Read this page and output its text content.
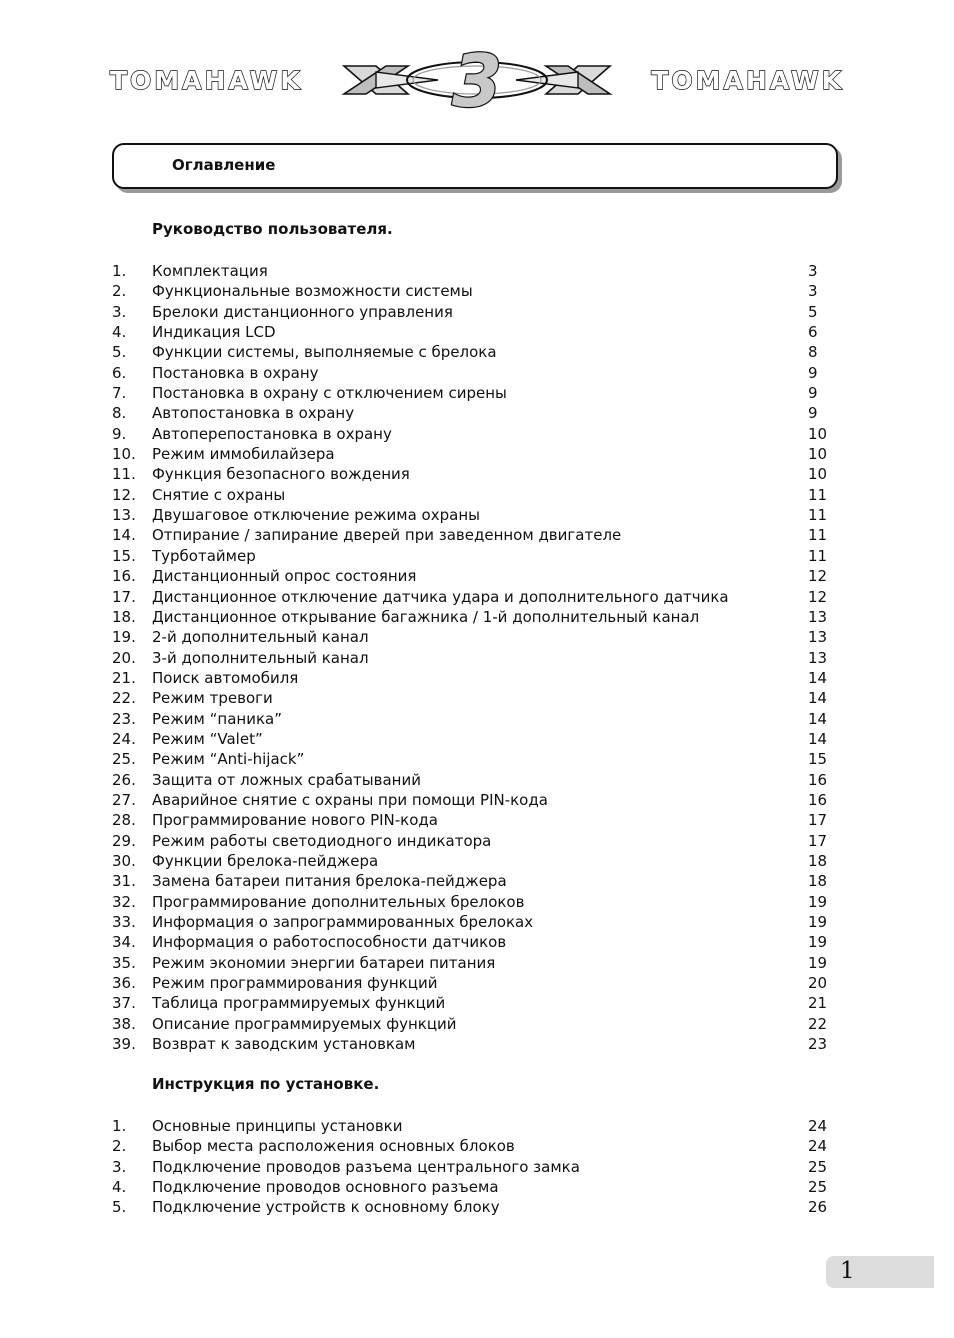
3
TOMAHAWK	TOMAHAWK
Оглавление
Руководство пользователя.
1. Комплектация	3
2. Функциональные возможности системы	3
3. Брелоки дистанционного управления	5
4. Индикация LCD	6
5. Функции системы, выполняемые с брелока	8
6. Постановка в охрану	9
7. Постановка в охрану с отключением сирены	9
8. Автопостановка в охрану	9
9. Автоперепостановка в охрану	10
10. Режим иммобилайзера	10
11. Функция безопасного вождения	10
12. Снятие с охраны	11
13. Двушаговое отключение режима охраны	11
14. Отпирание / запирание дверей при заведенном двигателе	11
15. Турботаймер	11
16. Дистанционный опрос состояния	12
17. Дистанционное отключение датчика удара и дополнительного датчика	12
18. Дистанционное открывание багажника / 1-й дополнительный канал	13
19. 2-й дополнительный канал	13
20. 3-й дополнительный канал	13
21. Поиск автомобиля	14
22. Режим тревоги	14
23. Режим “паника”	14
24. Режим “Valet”	14
25. Режим “Anti-hijack”	15
26. Защита от ложных срабатываний	16
27. Аварийное снятие с охраны при помощи PIN-кода	16
28. Программирование нового PIN-кода	17
29. Режим работы светодиодного индикатора	17
30. Функции брелока-пейджера	18
31. Замена батареи питания брелока-пейджера	18
32. Программирование дополнительных брелоков	19
33. Информация о запрограммированных брелоках	19
34. Информация о работоспособности датчиков	19
35. Режим экономии энергии батареи питания	19
36. Режим программирования функций	20
37. Таблица программируемых функций	21
38. Описание программируемых функций	22
39. Возврат к заводским установкам	23
Инструкция по установке.
1. Основные принципы установки	24
2. Выбор места расположения основных блоков	24
3. Подключение проводов разъема центрального замка	25
4. Подключение проводов основного разъема	25
5. Подключение устройств к основному блоку	26
1
